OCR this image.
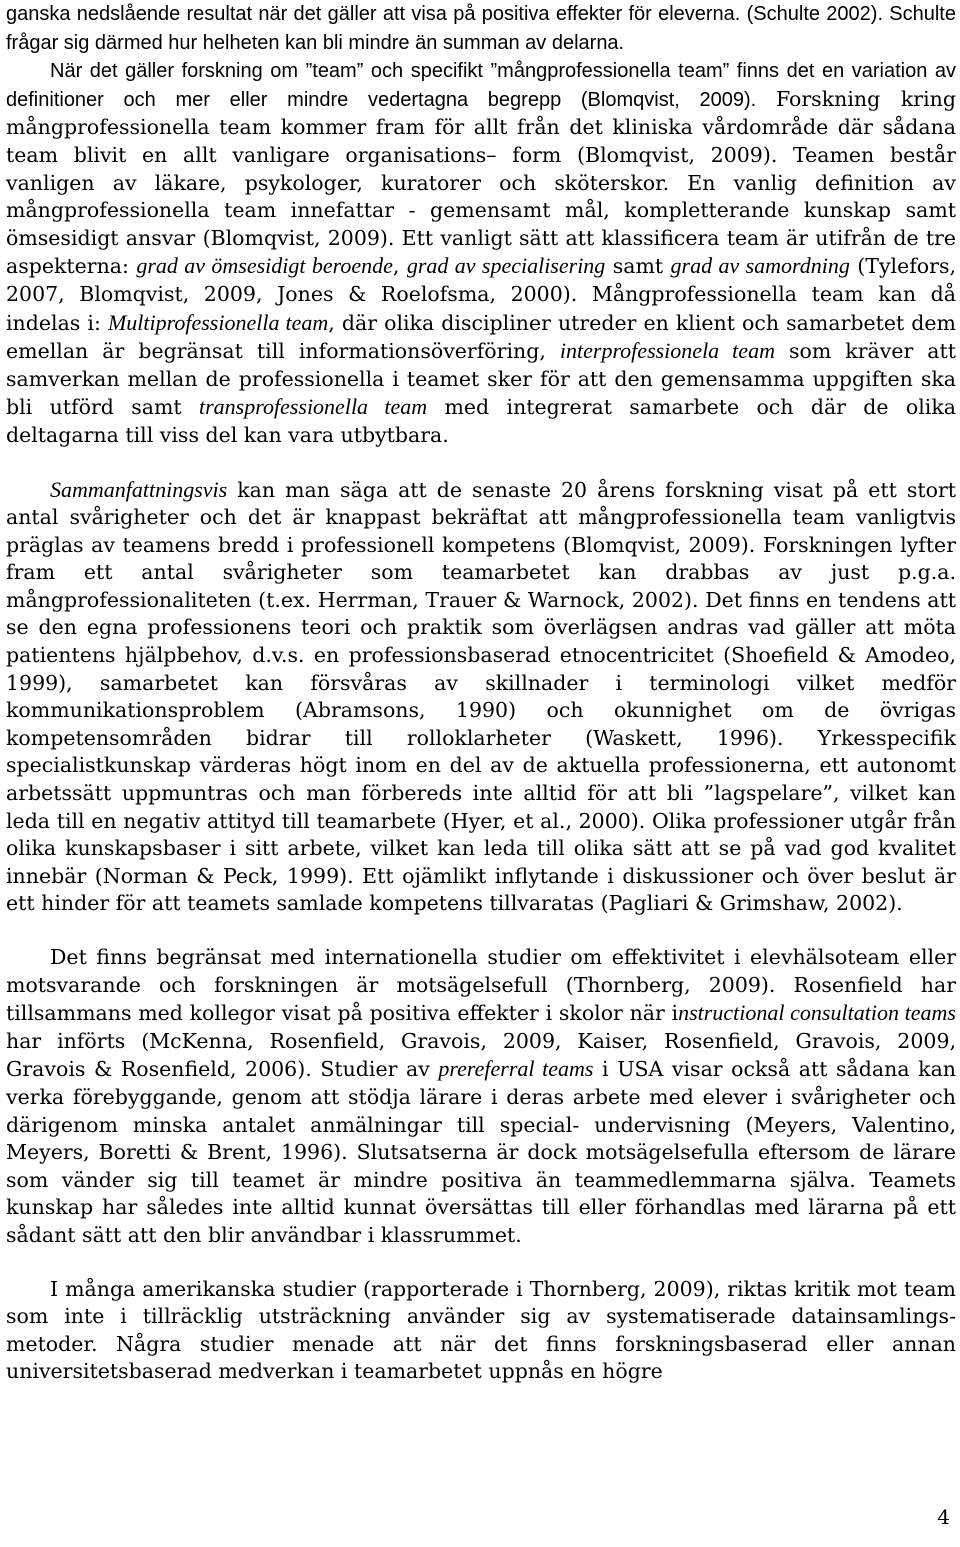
ganska nedslående resultat när det gäller att visa på positiva effekter för eleverna. (Schulte 2002). Schulte frågar sig därmed hur helheten kan bli mindre än summan av delarna.

När det gäller forskning om ”team” och specifikt ”mångprofessionella team” finns det en variation av definitioner och mer eller mindre vedertagna begrepp (Blomqvist, 2009). Forskning kring mångprofessionella team kommer fram för allt från det kliniska vårdområde där sådana team blivit en allt vanligare organisations– form (Blomqvist, 2009). Teamen består vanligen av läkare, psykologer, kuratorer och sköterskor. En vanlig definition av mångprofessionella team innefattar - gemensamt mål, kompletterande kunskap samt ömsesidigt ansvar (Blomqvist, 2009). Ett vanligt sätt att klassificera team är utifrån de tre aspekterna: grad av ömsesidigt beroende, grad av specialisering samt grad av samordning (Tylefors, 2007, Blomqvist, 2009, Jones & Roelofsma, 2000). Mångprofessionella team kan då indelas i: Multiprofessionella team, där olika discipliner utreder en klient och samarbetet dem emellan är begränsat till informationsöverföring, interprofessionela team som kräver att samverkan mellan de professionella i teamet sker för att den gemensamma uppgiften ska bli utförd samt transprofessionella team med integrerat samarbete och där de olika deltagarna till viss del kan vara utbytbara.

Sammanfattningsvis kan man säga att de senaste 20 årens forskning visat på ett stort antal svårigheter och det är knappast bekräftat att mångprofessionella team vanligtvis präglas av teamens bredd i professionell kompetens (Blomqvist, 2009). Forskningen lyfter fram ett antal svårigheter som teamarbetet kan drabbas av just p.g.a. mångprofessionaliteten (t.ex. Herrman, Trauer & Warnock, 2002). Det finns en tendens att se den egna professionens teori och praktik som överlägsen andras vad gäller att möta patientens hjälpbehov, d.v.s. en professionsbaserad etnocentricitet (Shoefield & Amodeo, 1999), samarbetet kan försvåras av skillnader i terminologi vilket medför kommunikationsproblem (Abramsons, 1990) och okunnighet om de övrigas kompetensområden bidrar till rolloklarheter (Waskett, 1996). Yrkesspecifik specialistkunskap värderas högt inom en del av de aktuella professionerna, ett autonomt arbetssätt uppmuntras och man förbereds inte alltid för att bli ”lagspelare”, vilket kan leda till en negativ attityd till teamarbete (Hyer, et al., 2000). Olika professioner utgår från olika kunskapsbaser i sitt arbete, vilket kan leda till olika sätt att se på vad god kvalitet innebär (Norman & Peck, 1999). Ett ojämlikt inflytande i diskussioner och över beslut är ett hinder för att teamets samlade kompetens tillvaratas (Pagliari & Grimshaw, 2002).

Det finns begränsat med internationella studier om effektivitet i elevhälsoteam eller motsvarande och forskningen är motsägelsefull (Thornberg, 2009). Rosenfield har tillsammans med kollegor visat på positiva effekter i skolor när instructional consultation teams har införts (McKenna, Rosenfield, Gravois, 2009, Kaiser, Rosenfield, Gravois, 2009, Gravois & Rosenfield, 2006). Studier av prereferral teams i USA visar också att sådana kan verka förebyggande, genom att stödja lärare i deras arbete med elever i svårigheter och därigenom minska antalet anmälningar till special- undervisning (Meyers, Valentino, Meyers, Boretti & Brent, 1996). Slutsatserna är dock motsägelsefulla eftersom de lärare som vänder sig till teamet är mindre positiva än teammedlemmarna själva. Teamets kunskap har således inte alltid kunnat översättas till eller förhandlas med lärarna på ett sådant sätt att den blir användbar i klassrummet.

I många amerikanska studier (rapporterade i Thornberg, 2009), riktas kritik mot team som inte i tillräcklig utsträckning använder sig av systematiserade datainsamlings-metoder. Några studier menade att när det finns forskningsbaserad eller annan universitetsbaserad medverkan i teamarbetet uppnås en högre

4
